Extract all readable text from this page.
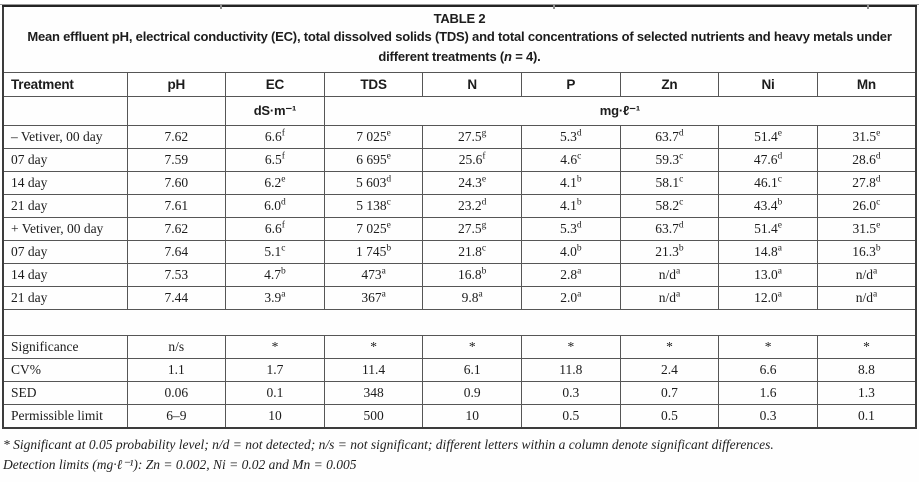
TABLE 2
Mean effluent pH, electrical conductivity (EC), total dissolved solids (TDS) and total concentrations of selected nutrients and heavy metals under different treatments (n = 4).								

Treatment	pH	EC	TDS	N	P	Zn	Ni	Mn
		dS·m⁻¹	mg·ℓ⁻¹					
– Vetiver, 00 day	7.62	6.6$^f$	7 025e	27.5$^g$	5.3$^d$	63.7$^d$	51.4e	31.5e
07 day	7.59	6.5$^f$	6 695e	25.6$^f$	4.6$^c$	59.3$^c$	47.6$^d$	28.6$^d$
14 day	7.60	6.2e	5 603$^d$	24.3e	4.1$^b$	58.1$^c$	46.1$^c$	27.8$^d$
21 day	7.61	6.0$^d$	5 138$^c$	23.2$^d$	4.1$^b$	58.2$^c$	43.4$^b$	26.0$^c$
+ Vetiver, 00 day	7.62	6.6$^f$	7 025e	27.5$^g$	5.3$^d$	63.7$^d$	51.4e	31.5e
07 day	7.64	5.1$^c$	1 745$^b$	21.8$^c$	4.0$^b$	21.3$^b$	14.8$^a$	16.3$^b$
14 day	7.53	4.7$^b$	473$^a$	16.8$^b$	2.8$^a$	$n/d^a$	13.0$^a$	$n/d^a$
21 day	7.44	3.9$^a$	367$^a$	9.8$^a$	2.0$^a$	$n/d^a$	12.0$^a$	$n/d^a$

Significance	n/s	*	*	*	*	*	*	*
CV%	1.1	1.7	11.4	6.1	11.8	2.4	6.6	8.8
SED	0.06	0.1	348	0.9	0.3	0.7	1.6	1.3
Permissible limit	6–9	10	500	10	0.5	0.5	0.3	0.1
* Significant at 0.05 probability level; n/d = not detected; n/s = not significant; different letters within a column denote significant differences.
Detection limits (mg·ℓ⁻¹): Zn = 0.002, Ni = 0.02 and Mn = 0.005
